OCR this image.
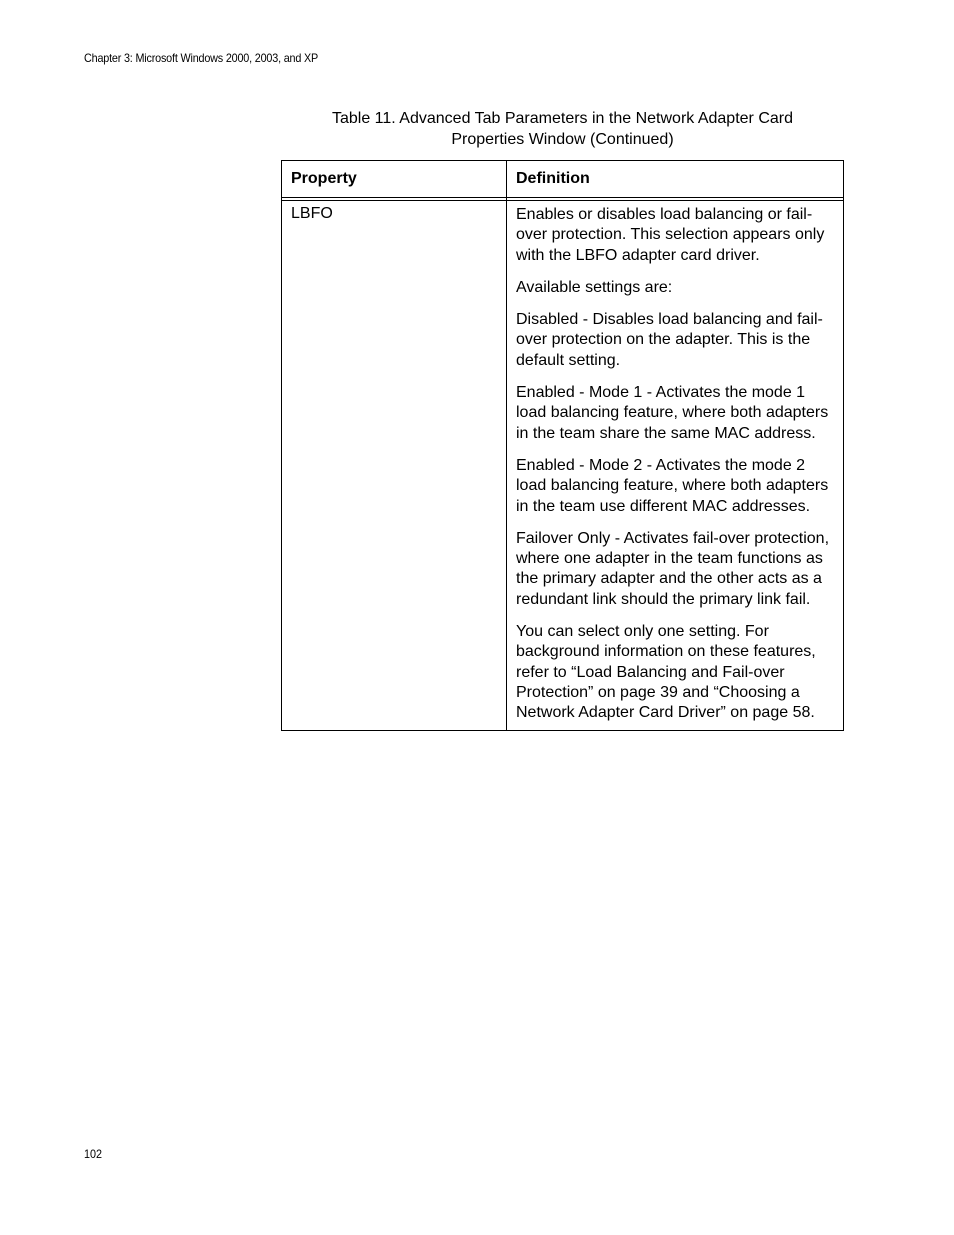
Chapter 3: Microsoft Windows 2000, 2003, and XP
Table 11. Advanced Tab Parameters in the Network Adapter Card
Properties Window (Continued)
Property	Definition
LBFO	Enables or disables load balancing or fail-over protection. This selection appears only with the LBFO adapter card driver.

Available settings are:

Disabled - Disables load balancing and fail-over protection on the adapter. This is the default setting.

Enabled - Mode 1 - Activates the mode 1 load balancing feature, where both adapters in the team share the same MAC address.

Enabled - Mode 2 - Activates the mode 2 load balancing feature, where both adapters in the team use different MAC addresses.

Failover Only - Activates fail-over protection, where one adapter in the team functions as the primary adapter and the other acts as a redundant link should the primary link fail.

You can select only one setting. For background information on these features, refer to “Load Balancing and Fail-over Protection” on page 39 and “Choosing a Network Adapter Card Driver” on page 58.

102
